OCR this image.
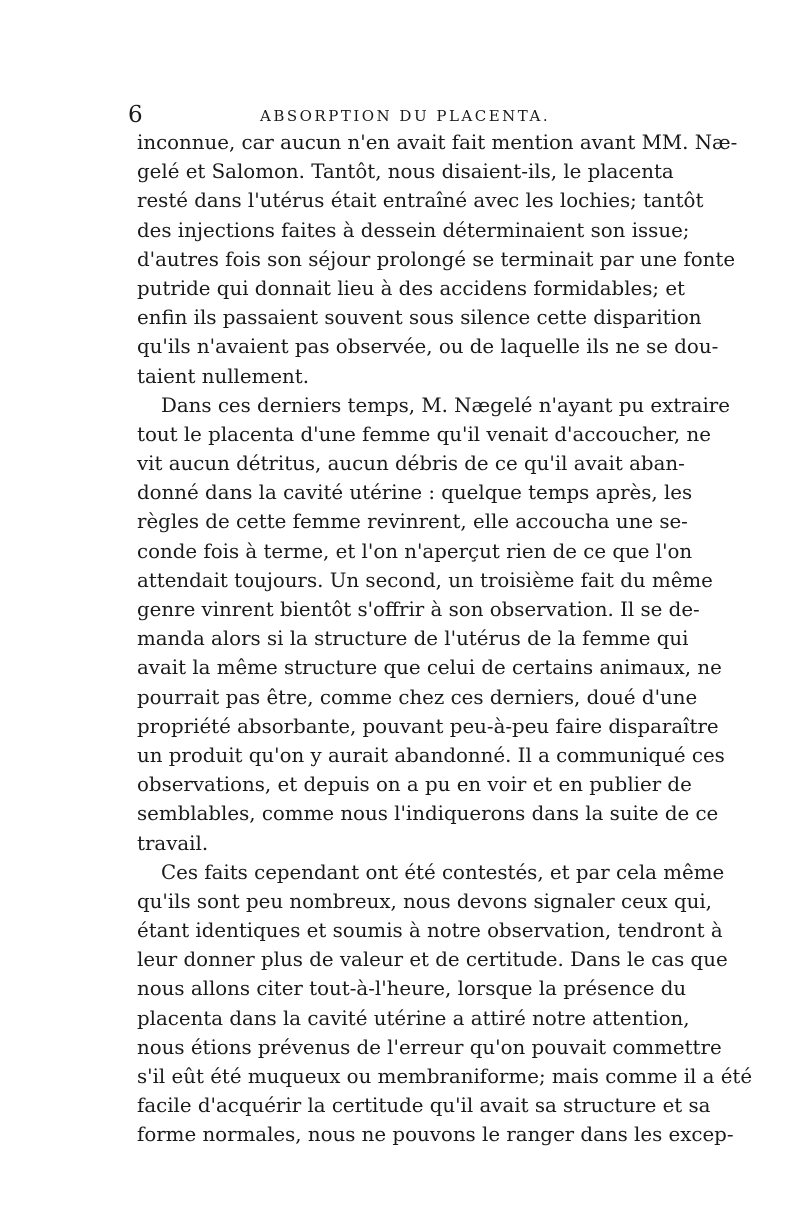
6	ABSORPTION DU PLACENTA.
inconnue, car aucun n'en avait fait mention avant MM. Næ-
gelé et Salomon. Tantôt, nous disaient-ils, le placenta
resté dans l'utérus était entraîné avec les lochies; tantôt
des injections faites à dessein déterminaient son issue;
d'autres fois son séjour prolongé se terminait par une fonte
putride qui donnait lieu à des accidens formidables; et
enfin ils passaient souvent sous silence cette disparition
qu'ils n'avaient pas observée, ou de laquelle ils ne se dou-
taient nullement.
Dans ces derniers temps, M. Nægelé n'ayant pu extraire
tout le placenta d'une femme qu'il venait d'accoucher, ne
vit aucun détritus, aucun débris de ce qu'il avait aban-
donné dans la cavité utérine : quelque temps après, les
règles de cette femme revinrent, elle accoucha une se-
conde fois à terme, et l'on n'aperçut rien de ce que l'on
attendait toujours. Un second, un troisième fait du même
genre vinrent bientôt s'offrir à son observation. Il se de-
manda alors si la structure de l'utérus de la femme qui
avait la même structure que celui de certains animaux, ne
pourrait pas être, comme chez ces derniers, doué d'une
propriété absorbante, pouvant peu-à-peu faire disparaître
un produit qu'on y aurait abandonné. Il a communiqué ces
observations, et depuis on a pu en voir et en publier de
semblables, comme nous l'indiquerons dans la suite de ce
travail.
Ces faits cependant ont été contestés, et par cela même
qu'ils sont peu nombreux, nous devons signaler ceux qui,
étant identiques et soumis à notre observation, tendront à
leur donner plus de valeur et de certitude. Dans le cas que
nous allons citer tout-à-l'heure, lorsque la présence du
placenta dans la cavité utérine a attiré notre attention,
nous étions prévenus de l'erreur qu'on pouvait commettre
s'il eût été muqueux ou membraniforme; mais comme il a été
facile d'acquérir la certitude qu'il avait sa structure et sa
forme normales, nous ne pouvons le ranger dans les excep-
